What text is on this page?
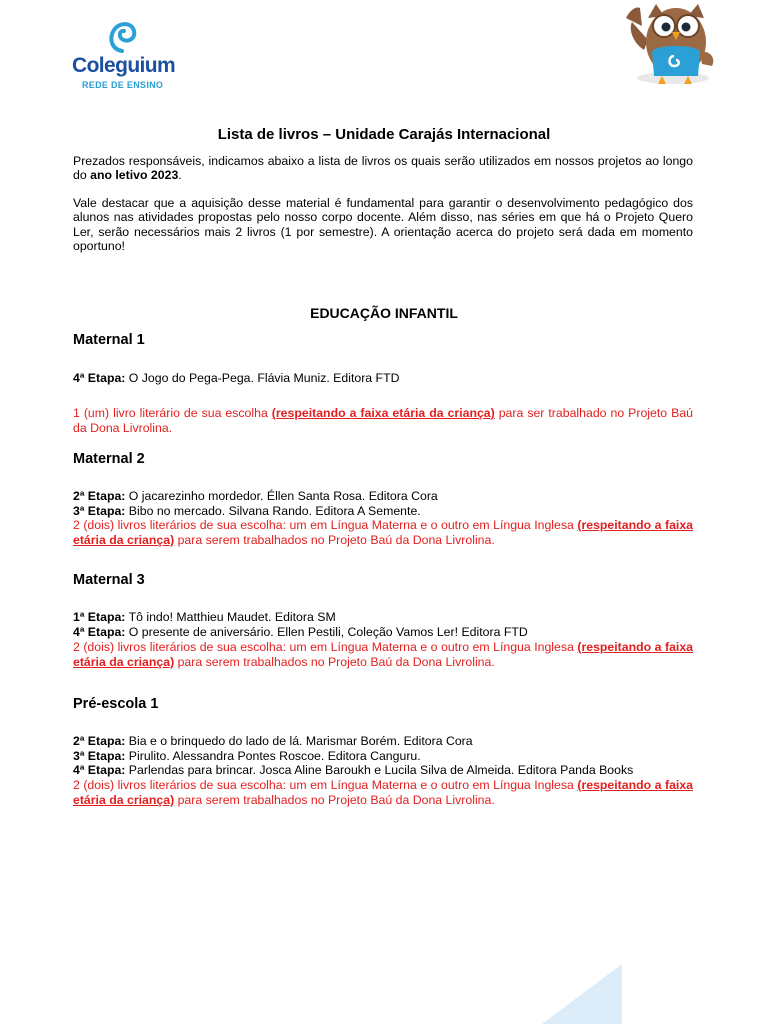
Coleguium
REDE DE ENSINO
Lista de livros – Unidade Carajás Internacional
Prezados responsáveis, indicamos abaixo a lista de livros os quais serão utilizados em nossos projetos ao longo do ano letivo 2023.
Vale destacar que a aquisição desse material é fundamental para garantir o desenvolvimento pedagógico dos alunos nas atividades propostas pelo nosso corpo docente. Além disso, nas séries em que há o Projeto Quero Ler, serão necessários mais 2 livros (1 por semestre). A orientação acerca do projeto será dada em momento oportuno!
EDUCAÇÃO INFANTIL
Maternal 1
4ª Etapa: O Jogo do Pega-Pega. Flávia Muniz. Editora FTD
1 (um) livro literário de sua escolha (respeitando a faixa etária da criança) para ser trabalhado no Projeto Baú da Dona Livrolina.
Maternal 2
2ª Etapa: O jacarezinho mordedor. Éllen Santa Rosa. Editora Cora
3ª Etapa: Bibo no mercado. Silvana Rando. Editora A Semente.
2 (dois) livros literários de sua escolha: um em Língua Materna e o outro em Língua Inglesa (respeitando a faixa etária da criança) para serem trabalhados no Projeto Baú da Dona Livrolina.
Maternal 3
1ª Etapa: Tô indo! Matthieu Maudet. Editora SM
4ª Etapa: O presente de aniversário. Ellen Pestili, Coleção Vamos Ler! Editora FTD
2 (dois) livros literários de sua escolha: um em Língua Materna e o outro em Língua Inglesa (respeitando a faixa etária da criança) para serem trabalhados no Projeto Baú da Dona Livrolina.
Pré-escola 1
2ª Etapa: Bia e o brinquedo do lado de lá. Marismar Borém. Editora Cora
3ª Etapa: Pirulito. Alessandra Pontes Roscoe. Editora Canguru.
4ª Etapa: Parlendas para brincar. Josca Aline Baroukh e Lucila Silva de Almeida. Editora Panda Books
2 (dois) livros literários de sua escolha: um em Língua Materna e o outro em Língua Inglesa (respeitando a faixa etária da criança) para serem trabalhados no Projeto Baú da Dona Livrolina.
